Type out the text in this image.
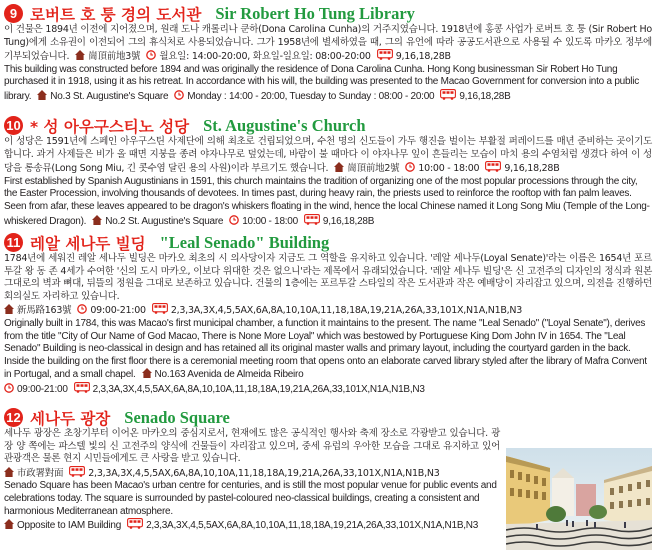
9 로버트 호 퉁 경의 도서관 Sir Robert Ho Tung Library

이 건물은 1894년 이전에 지어졌으며, 원래 도나 캐롤리나 쿤하(Dona Carolina Cunha)의 거주지였습니다. 1918년에 홍콩 사업가 로버트 호 퉁 (Sir Robert Ho Tung)에게 소유권이 이전되어 그의 휴식처로 사용되었습니다. 그가 1958년에 별세하였을 때, 그의 유언에 따라 공공도서관으로 사용될 수 있도록 마카오 정부에 기부되었습니다. 崗頂前地3號 월요일: 14:00-20:00, 화요일-일요일: 08:00-20:00	9,16,18,28B

This building was constructed before 1894 and was originally the residence of Dona Carolina Cunha. Hong Kong businessman Sir Robert Ho Tung purchased it in 1918, using it as his retreat. In accordance with his will, the building was presented to the Macao Government for conversion into a public library. No.3 St. Augustine's Square Monday : 14:00 - 20:00, Tuesday to Sunday : 08:00 - 20:00	9,16,18,28B

10 * 성 아우구스티노 성당 St. Augustine's Church

이 성당은 1591년에 스페인 아우구스틴 사제단에 의해 최초로 건립되었으며, 수천 명의 신도들이 가두 행진을 벌이는 부활절 퍼레이드를 매년 준비하는 곳이기도 합니다. 과거 사제들은 비가 올 때면 지붕을 종려 야자나무로 덮었는데, 바람이 불 때마다 이 야자나무 잎이 흔들리는 모습이 마치 용의 수염처럼 생겼다 하여 이 성당을 롱송뮤(Long Song Miu, 긴 콧수염 달린 용의 사원)이라 부르기도 했습니다. 崗頂前地2號 10:00 - 18:00	9,16,18,28B

First established by Spanish Augustinians in 1591, this church maintains the tradition of organizing one of the most popular processions through the city, the Easter Procession, involving thousands of devotees. In times past, during heavy rain, the priests used to reinforce the rooftop with fan palm leaves. Seen from afar, these leaves appeared to be dragon's whiskers floating in the wind, hence the local Chinese named it Long Song Miu (Temple of the Long-whiskered Dragon). No.2 St. Augustine's Square 10:00 - 18:00	9,16,18,28B

11 레알 세나두 빌딩 "Leal Senado" Building

1784년에 세워진 레알 세나두 빌딩은 마카오 최초의 시 의사당이자 지금도 그 역할을 유지하고 있습니다. '레알 세나두(Loyal Senate)'라는 이름은 1654년 포르투갈 왕 동 존 4세가 수여한 '신의 도시 마카오, 이보다 위대한 것은 없으니'라는 제목에서 유래되었습니다. '레알 세나두 빌딩'은 신 고전주의 디자인의 정식과 원본 그대로의 벽과 뼈대, 뒤뜰의 정원을 그대로 보존하고 있습니다. 건물의 1층에는 포르투갈 스타일의 작은 도서관과 작은 예배당이 자리잡고 있으며, 의전을 진행하던 회의실도 자리하고 있습니다.

新馬路163號 09:00-21:00	2,3,3A,3X,4,5,5AX,6A,8A,10,10A,11,18,18A,19,21A,26A,33,101X,N1A,N1B,N3

Originally built in 1784, this was Macao's first municipal chamber, a function it maintains to the present. The name "Leal Senado" ("Loyal Senate"), derives from the title "City of Our Name of God Macao, There is None More Loyal" which was bestowed by Portuguese King Dom John IV in 1654. The "Leal Senado" Building is neo-classical in design and has retained all its original master walls and primary layout, including the courtyard garden in the back. Inside the building on the first floor there is a ceremonial meeting room that opens onto an elaborate carved library styled after the library of Mafra Convent in Portugal, and a small chapel. No.163 Avenida de Almeida Ribeiro

09:00-21:00	2,3,3A,3X,4,5,5AX,6A,8A,10,10A,11,18,18A,19,21A,26A,33,101X,N1A,N1B,N3

12 세나두 광장 Senado Square

세나두 광장은 초창기부터 이어온 마카오의 중심지로서, 현재에도 많은 공식적인 행사와 축제 장소로 각광받고 있습니다. 광장 양 쪽에는 파스텔 빛의 신 고전주의 양식에 건물들이 자리잡고 있으며, 중세 유럽의 우아한 모습을 그대로 유지하고 있어 관광객은 물론 현지 시민들에게도 큰 사랑을 받고 있습니다.

市政署對面	2,3,3A,3X,4,5,5AX,6A,8A,10,10A,11,18,18A,19,21A,26A,33,101X,N1A,N1B,N3

Senado Square has been Macao's urban centre for centuries, and is still the most popular venue for public events and celebrations today. The square is surrounded by pastel-coloured neo-classical buildings, creating a consistent and harmonious Mediterranean atmosphere.

Opposite to IAM Building	2,3,3A,3X,4,5,5AX,6A,8A,10,10A,11,18,18A,19,21A,26A,33,101X,N1A,N1B,N3
